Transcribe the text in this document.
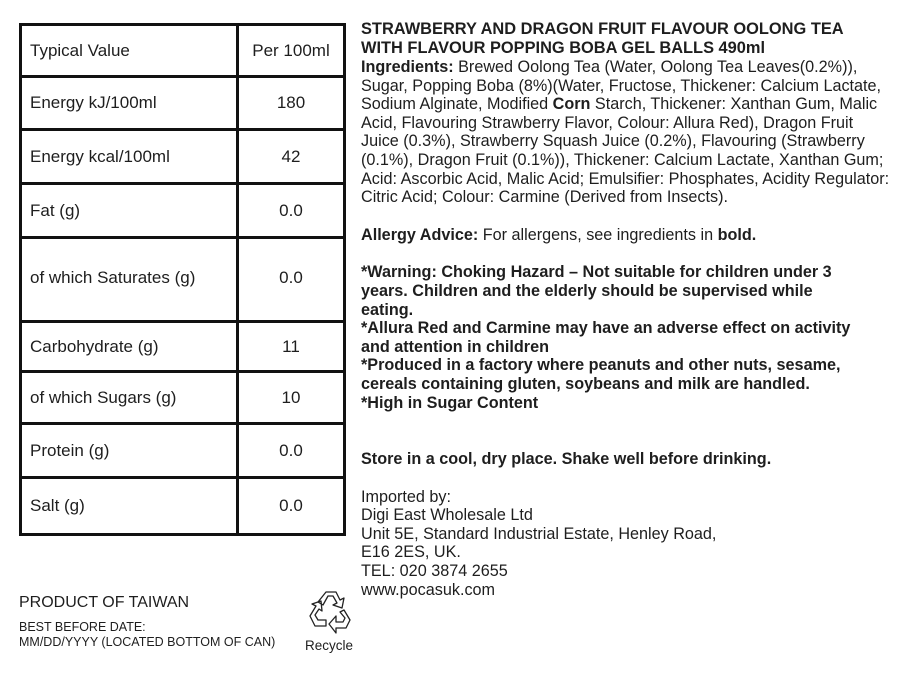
Typical Value	Per 100ml
Energy kJ/100ml	180
Energy kcal/100ml	42
Fat (g)	0.0
of which Saturates (g)	0.0
Carbohydrate (g)	11
of which Sugars (g)	10
Protein (g)	0.0
Salt (g)	0.0
STRAWBERRY AND DRAGON FRUIT FLAVOUR OOLONG TEA
WITH FLAVOUR POPPING BOBA GEL BALLS 490ml
Ingredients: Brewed Oolong Tea (Water, Oolong Tea Leaves(0.2%)), Sugar, Popping Boba (8%)(Water, Fructose, Thickener: Calcium Lactate, Sodium Alginate, Modified Corn Starch, Thickener: Xanthan Gum, Malic Acid, Flavouring Strawberry Flavor, Colour: Allura Red), Dragon Fruit Juice (0.3%), Strawberry Squash Juice (0.2%), Flavouring (Strawberry (0.1%), Dragon Fruit (0.1%)), Thickener: Calcium Lactate, Xanthan Gum; Acid: Ascorbic Acid, Malic Acid; Emulsifier: Phosphates, Acidity Regulator: Citric Acid; Colour: Carmine (Derived from Insects).
Allergy Advice: For allergens, see ingredients in bold.
*Warning: Choking Hazard – Not suitable for children under 3 years. Children and the elderly should be supervised while eating.
*Allura Red and Carmine may have an adverse effect on activity and attention in children
*Produced in a factory where peanuts and other nuts, sesame, cereals containing gluten, soybeans and milk are handled.
*High in Sugar Content
Store in a cool, dry place. Shake well before drinking.
Imported by:
Digi East Wholesale Ltd
Unit 5E, Standard Industrial Estate, Henley Road,
E16 2ES, UK.
TEL: 020 3874 2655
www.pocasuk.com
PRODUCT OF TAIWAN
BEST BEFORE DATE:
MM/DD/YYYY (LOCATED BOTTOM OF CAN)	Recycle
